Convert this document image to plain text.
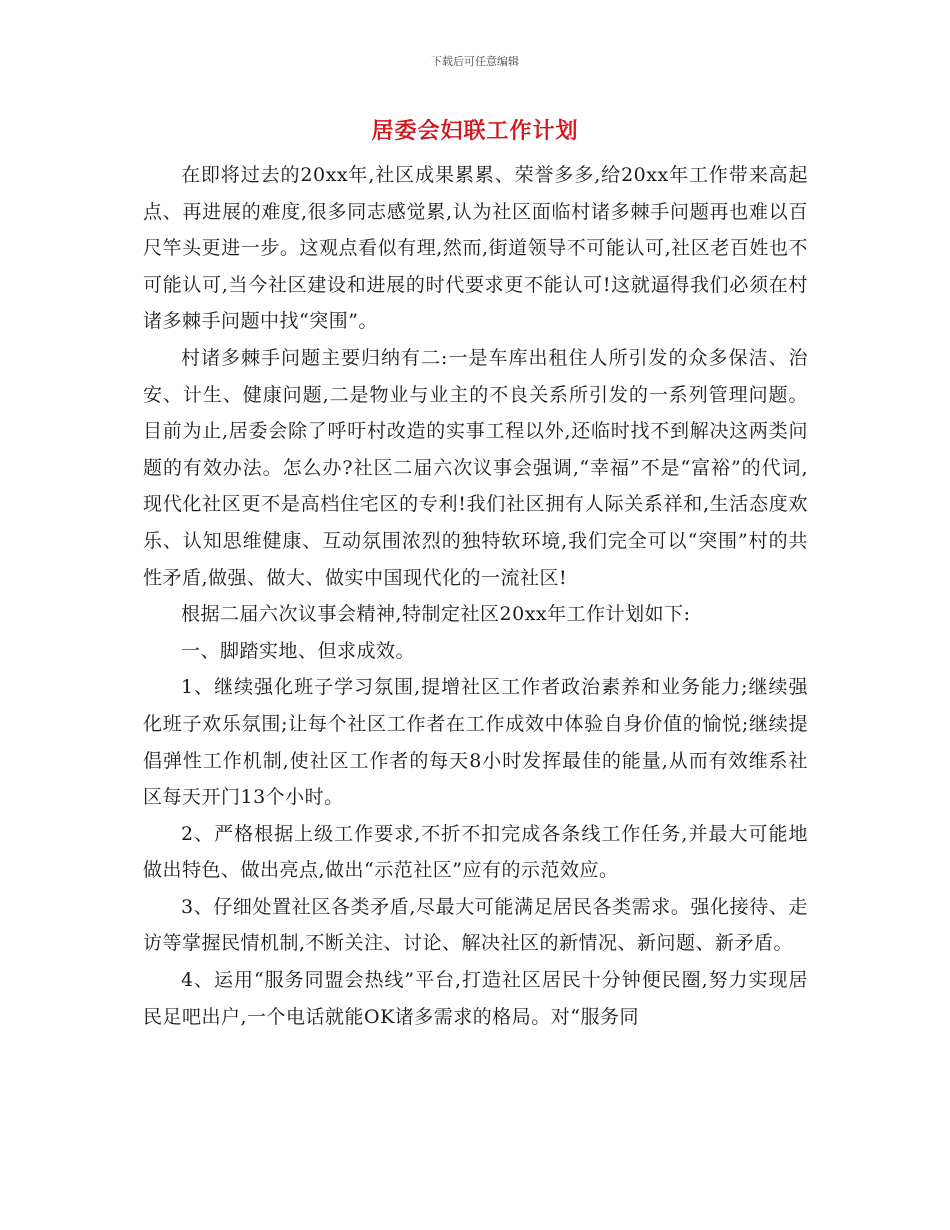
下载后可任意编辑
居委会妇联工作计划

在即将过去的20xx年,社区成果累累、荣誉多多,给20xx年工作带来高起点、再进展的难度,很多同志感觉累,认为社区面临村诸多棘手问题再也难以百尺竿头更进一步。这观点看似有理,然而,街道领导不可能认可,社区老百姓也不可能认可,当今社区建设和进展的时代要求更不能认可!这就逼得我们必须在村诸多棘手问题中找“突围”。

村诸多棘手问题主要归纳有二:一是车库出租住人所引发的众多保洁、治安、计生、健康问题,二是物业与业主的不良关系所引发的一系列管理问题。目前为止,居委会除了呼吁村改造的实事工程以外,还临时找不到解决这两类问题的有效办法。怎么办?社区二届六次议事会强调,“幸福”不是“富裕”的代词,现代化社区更不是高档住宅区的专利!我们社区拥有人际关系祥和,生活态度欢乐、认知思维健康、互动氛围浓烈的独特软环境,我们完全可以“突围”村的共性矛盾,做强、做大、做实中国现代化的一流社区!

根据二届六次议事会精神,特制定社区20xx年工作计划如下:

一、脚踏实地、但求成效。

1、继续强化班子学习氛围,提增社区工作者政治素养和业务能力;继续强化班子欢乐氛围;让每个社区工作者在工作成效中体验自身价值的愉悦;继续提倡弹性工作机制,使社区工作者的每天8小时发挥最佳的能量,从而有效维系社区每天开门13个小时。

2、严格根据上级工作要求,不折不扣完成各条线工作任务,并最大可能地做出特色、做出亮点,做出“示范社区”应有的示范效应。

3、仔细处置社区各类矛盾,尽最大可能满足居民各类需求。强化接待、走访等掌握民情机制,不断关注、讨论、解决社区的新情况、新问题、新矛盾。

4、运用“服务同盟会热线”平台,打造社区居民十分钟便民圈,努力实现居民足吧出户,一个电话就能OK诸多需求的格局。对“服务同
